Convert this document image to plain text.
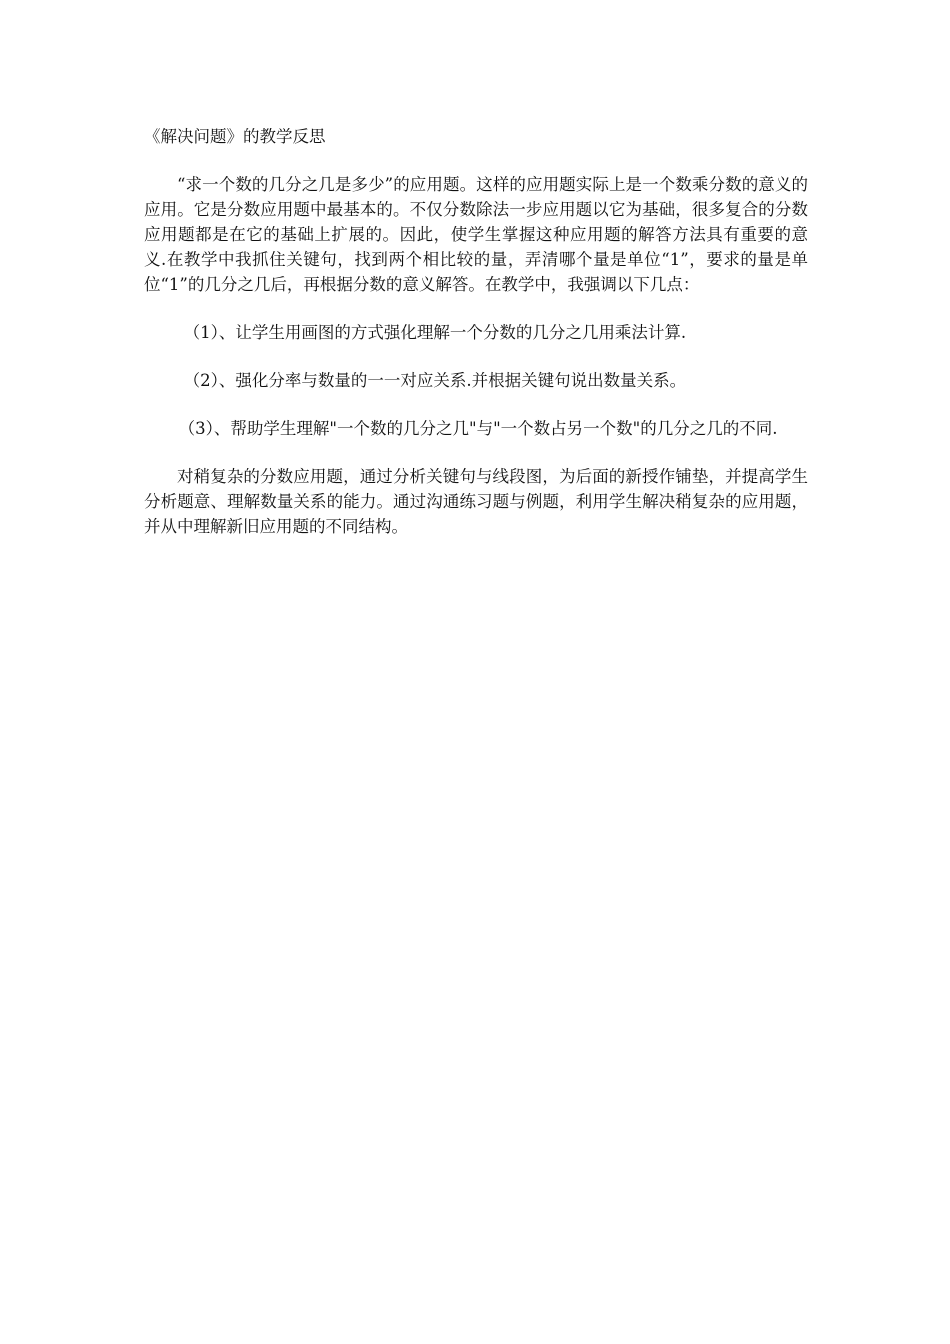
《解决问题》的教学反思

“求一个数的几分之几是多少”的应用题。这样的应用题实际上是一个数乘分数的意义的应用。它是分数应用题中最基本的。不仅分数除法一步应用题以它为基础，很多复合的分数应用题都是在它的基础上扩展的。因此，使学生掌握这种应用题的解答方法具有重要的意义.在教学中我抓住关键句，找到两个相比较的量，弄清哪个量是单位“1”，要求的量是单位“1”的几分之几后，再根据分数的意义解答。在教学中，我强调以下几点：

（1）、让学生用画图的方式强化理解一个分数的几分之几用乘法计算.

（2）、强化分率与数量的一一对应关系.并根据关键句说出数量关系。

（3）、帮助学生理解"一个数的几分之几"与"一个数占另一个数"的几分之几的不同.

对稍复杂的分数应用题，通过分析关键句与线段图，为后面的新授作铺垫，并提高学生分析题意、理解数量关系的能力。通过沟通练习题与例题，利用学生解决稍复杂的应用题，并从中理解新旧应用题的不同结构。
